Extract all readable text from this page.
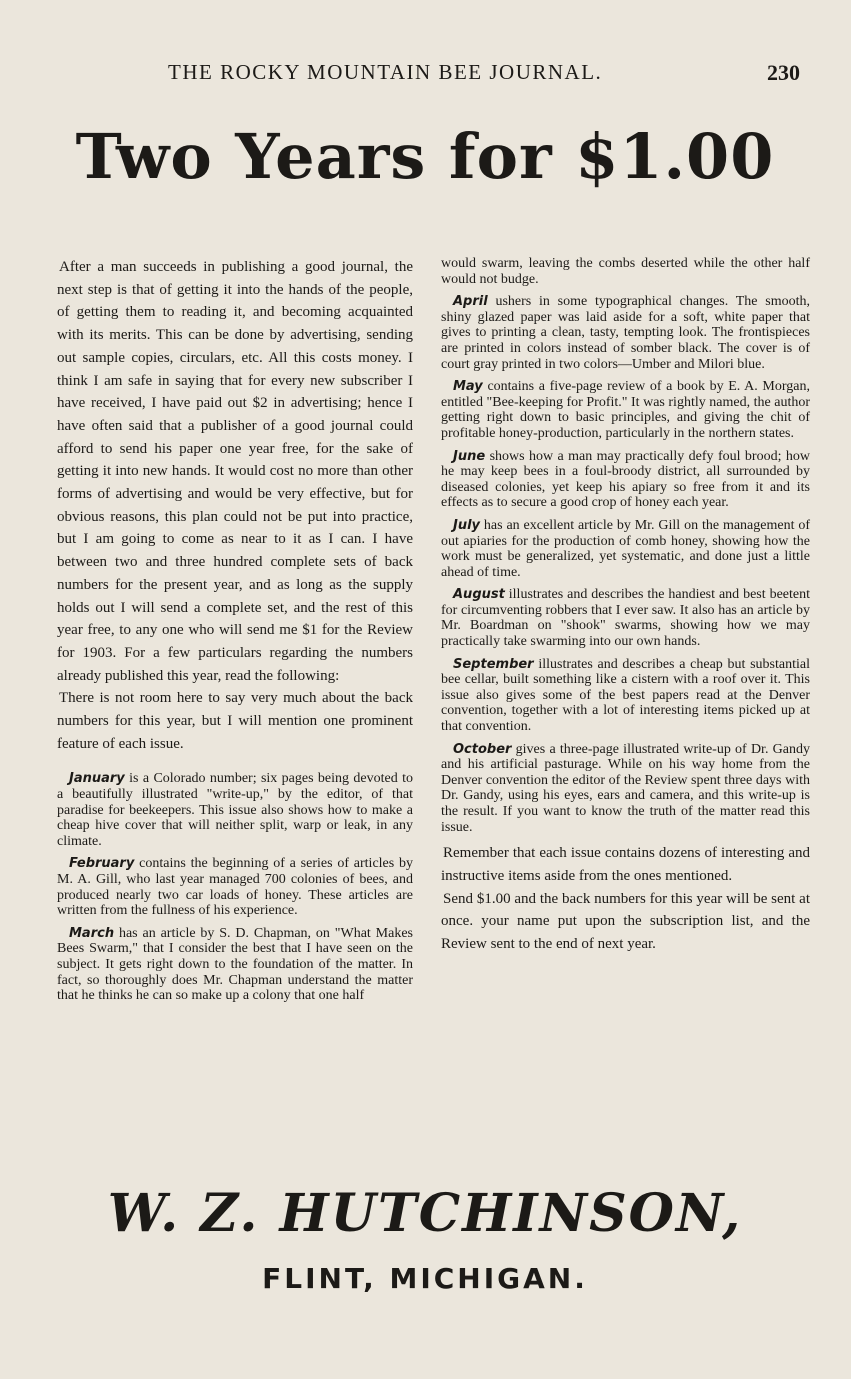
THE ROCKY MOUNTAIN BEE JOURNAL.	230
Two Years for $1.00

After a man succeeds in publishing a good journal, the next step is that of getting it into the hands of the people, of getting them to reading it, and becoming acquainted with its merits. This can be done by advertising, sending out sample copies, circulars, etc. All this costs money. I think I am safe in saying that for every new subscriber I have received, I have paid out $2 in advertising; hence I have often said that a publisher of a good journal could afford to send his paper one year free, for the sake of getting it into new hands. It would cost no more than other forms of advertising and would be very effective, but for obvious reasons, this plan could not be put into practice, but I am going to come as near to it as I can. I have between two and three hundred complete sets of back numbers for the present year, and as long as the supply holds out I will send a complete set, and the rest of this year free, to any one who will send me $1 for the Review for 1903. For a few particulars regarding the numbers already published this year, read the following:

There is not room here to say very much about the back numbers for this year, but I will mention one prominent feature of each issue.

January is a Colorado number; six pages being devoted to a beautifully illustrated "write-up," by the editor, of that paradise for beekeepers. This issue also shows how to make a cheap hive cover that will neither split, warp or leak, in any climate.

February contains the beginning of a series of articles by M. A. Gill, who last year managed 700 colonies of bees, and produced nearly two car loads of honey. These articles are written from the fullness of his experience.

March has an article by S. D. Chapman, on "What Makes Bees Swarm," that I consider the best that I have seen on the subject. It gets right down to the foundation of the matter. In fact, so thoroughly does Mr. Chapman understand the matter that he thinks he can so make up a colony that one half

would swarm, leaving the combs deserted while the other half would not budge.

April ushers in some typographical changes. The smooth, shiny glazed paper was laid aside for a soft, white paper that gives to printing a clean, tasty, tempting look. The frontispieces are printed in colors instead of somber black. The cover is of court gray printed in two colors—Umber and Milori blue.

May contains a five-page review of a book by E. A. Morgan, entitled "Bee-keeping for Profit." It was rightly named, the author getting right down to basic principles, and giving the chit of profitable honey-production, particularly in the northern states.

June shows how a man may practically defy foul brood; how he may keep bees in a foul-broody district, all surrounded by diseased colonies, yet keep his apiary so free from it and its effects as to secure a good crop of honey each year.

July has an excellent article by Mr. Gill on the management of out apiaries for the production of comb honey, showing how the work must be generalized, yet systematic, and done just a little ahead of time.

August illustrates and describes the handiest and best beetent for circumventing robbers that I ever saw. It also has an article by Mr. Boardman on "shook" swarms, showing how we may practically take swarming into our own hands.

September illustrates and describes a cheap but substantial bee cellar, built something like a cistern with a roof over it. This issue also gives some of the best papers read at the Denver convention, together with a lot of interesting items picked up at that convention.

October gives a three-page illustrated write-up of Dr. Gandy and his artificial pasturage. While on his way home from the Denver convention the editor of the Review spent three days with Dr. Gandy, using his eyes, ears and camera, and this write-up is the result. If you want to know the truth of the matter read this issue.

Remember that each issue contains dozens of interesting and instructive items aside from the ones mentioned.

Send $1.00 and the back numbers for this year will be sent at once. your name put upon the subscription list, and the Review sent to the end of next year.

W. Z. HUTCHINSON,
FLINT, MICHIGAN.
